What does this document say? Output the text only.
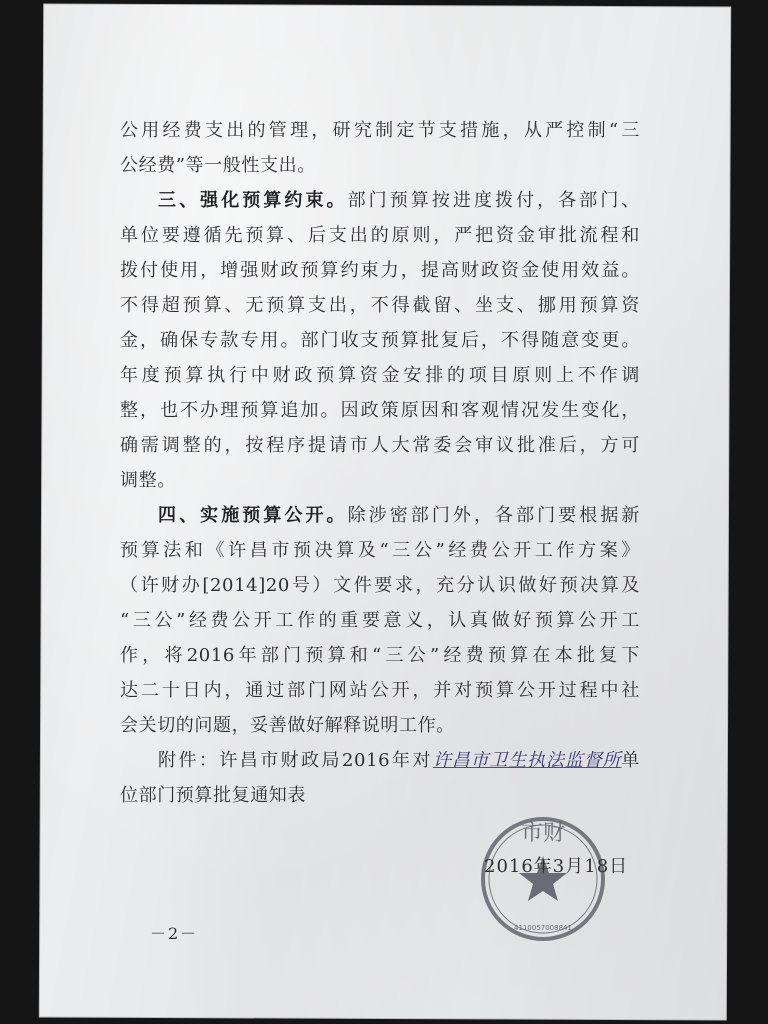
公用经费支出的管理，研究制定节支措施，从严控制“三
公经费”等一般性支出。

三、强化预算约束。部门预算按进度拨付，各部门、
单位要遵循先预算、后支出的原则，严把资金审批流程和
拨付使用，增强财政预算约束力，提高财政资金使用效益。
不得超预算、无预算支出，不得截留、坐支、挪用预算资
金，确保专款专用。部门收支预算批复后，不得随意变更。
年度预算执行中财政预算资金安排的项目原则上不作调
整，也不办理预算追加。因政策原因和客观情况发生变化，
确需调整的，按程序提请市人大常委会审议批准后，方可
调整。

四、实施预算公开。除涉密部门外，各部门要根据新
预算法和《许昌市预决算及“三公”经费公开工作方案》
（许财办[2014]20号）文件要求，充分认识做好预决算及
“三公”经费公开工作的重要意义，认真做好预算公开工
作，将2016年部门预算和“三公”经费预算在本批复下
达二十日内，通过部门网站公开，并对预算公开过程中社
会关切的问题，妥善做好解释说明工作。

附件：许昌市财政局2016年对许昌市卫生执法监督所单
位部门预算批复通知表

市财
4110057008841
2016年3月18日
－2－
